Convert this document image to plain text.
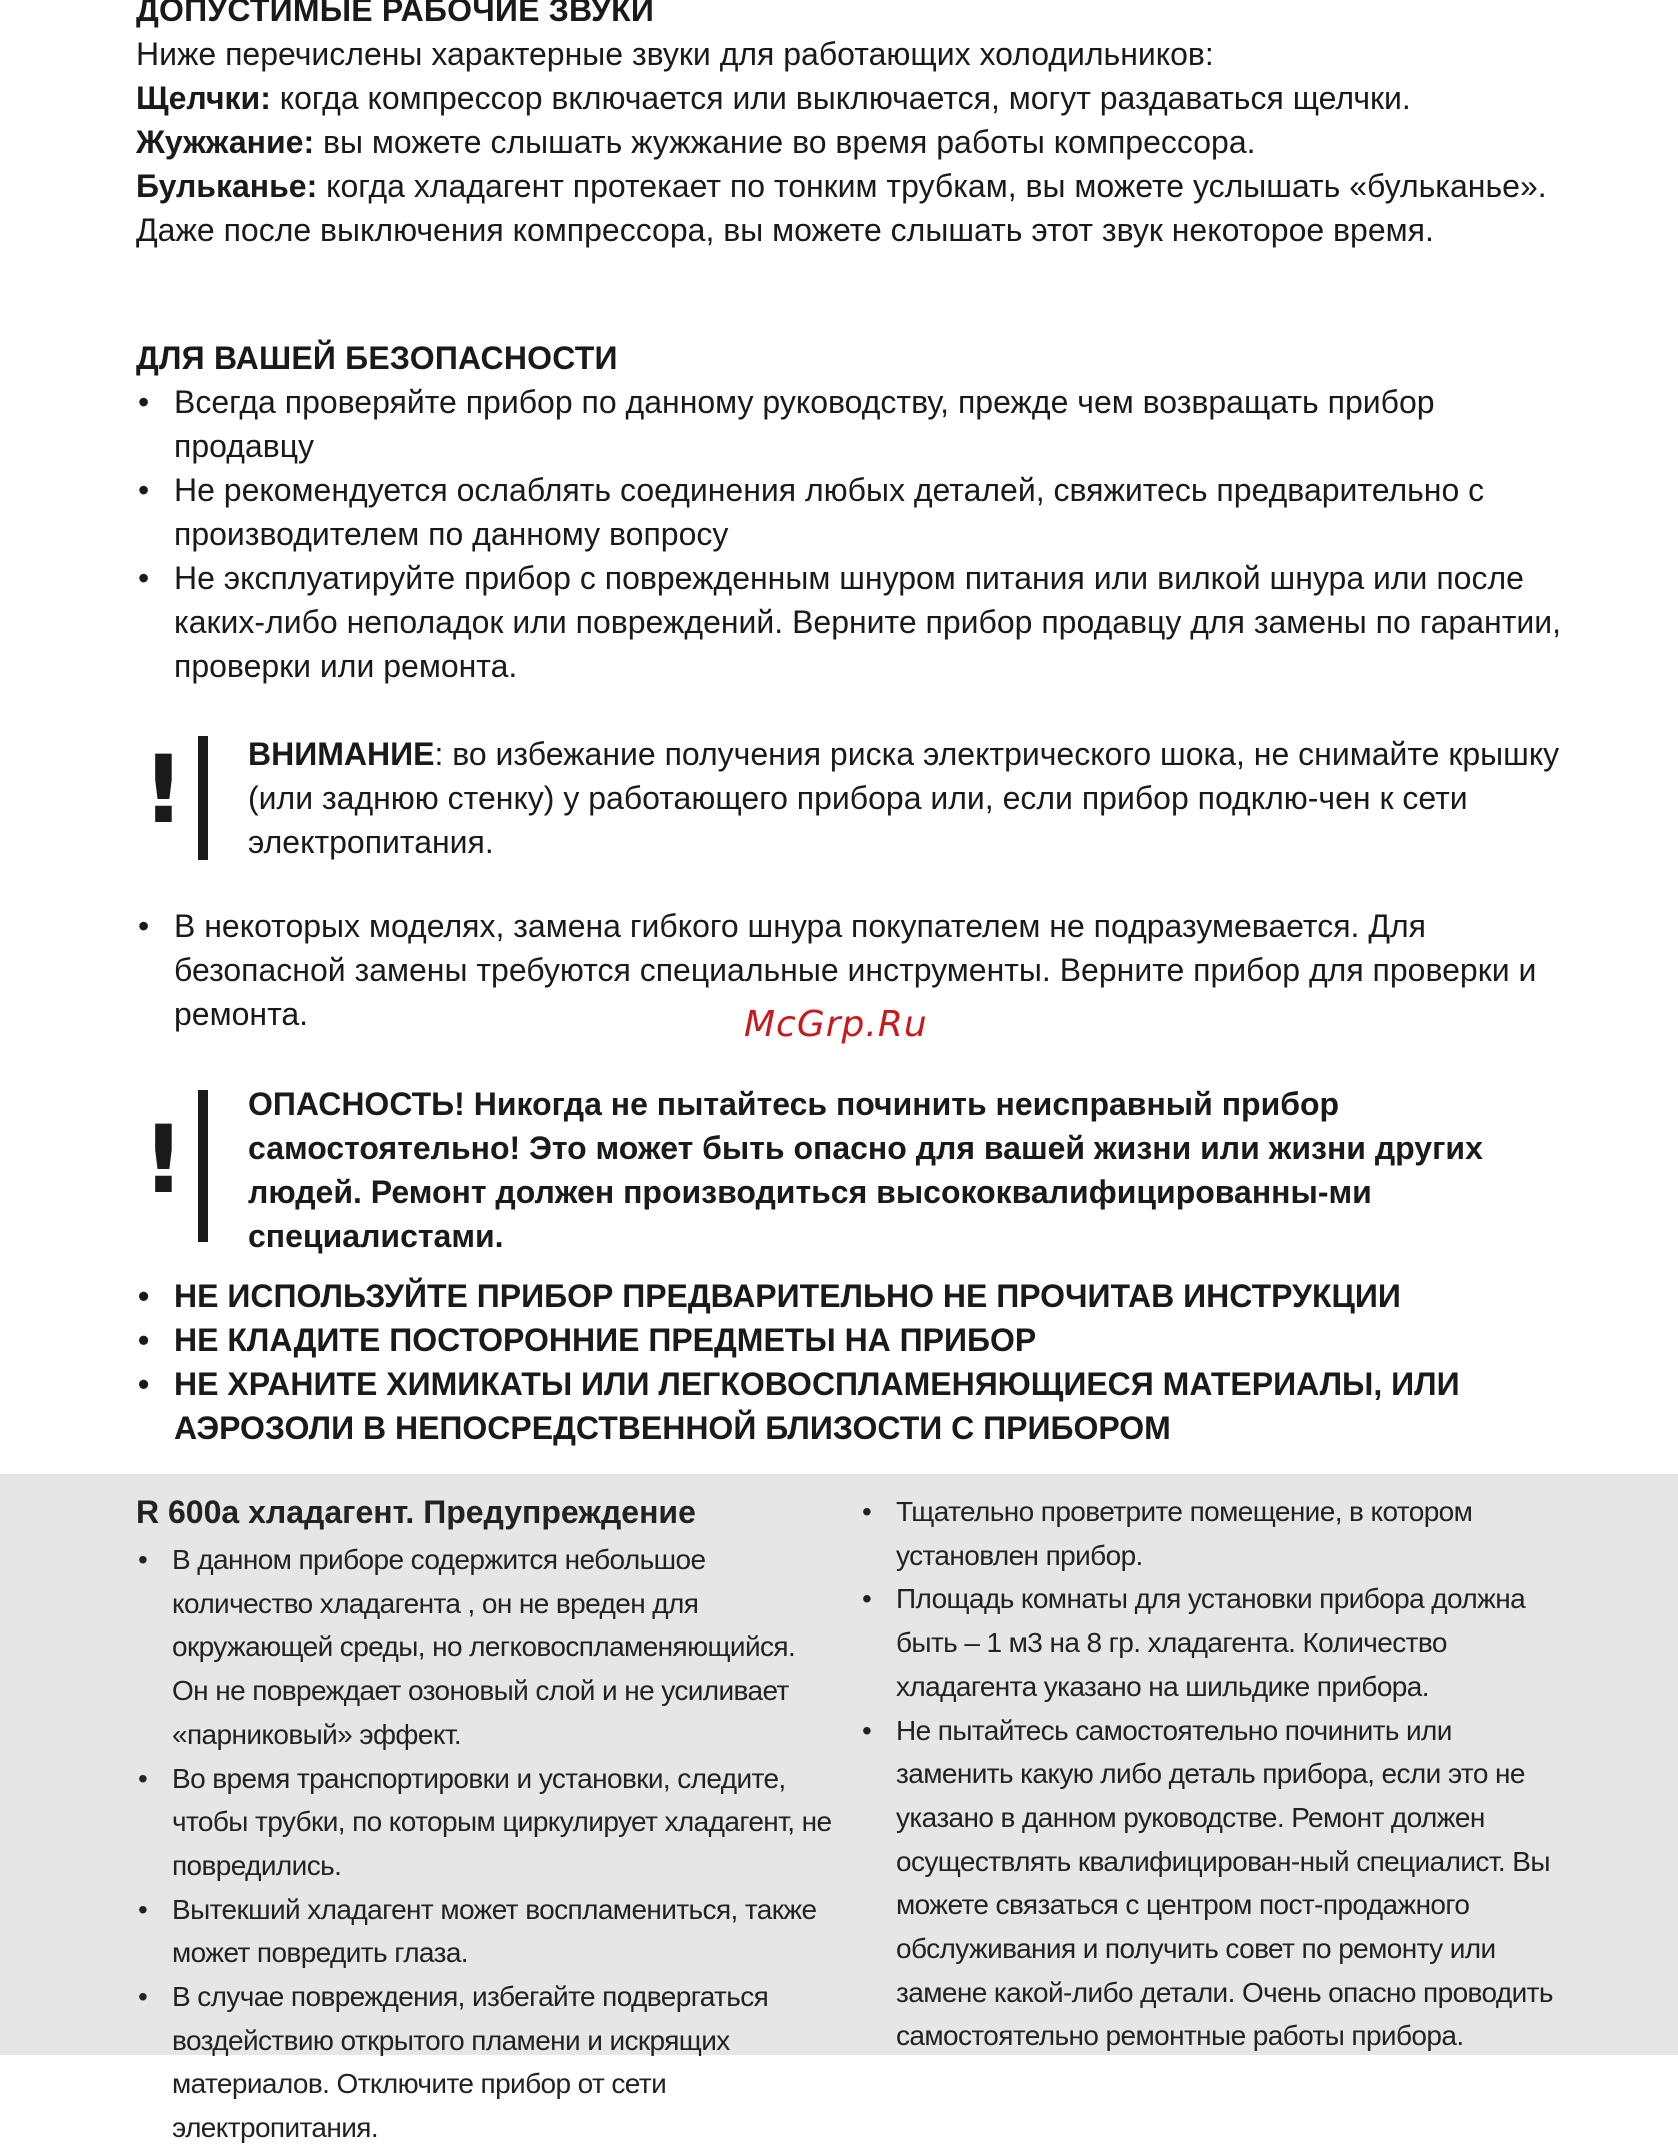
ДОПУСТИМЫЕ РАБОЧИЕ ЗВУКИ

Ниже перечислены характерные звуки для работающих холодильников:

Щелчки: когда компрессор включается или выключается, могут раздаваться щелчки.

Жужжание: вы можете слышать жужжание во время работы компрессора.

Бульканье: когда хладагент протекает по тонким трубкам, вы можете услышать «бульканье». Даже после выключения компрессора, вы можете слышать этот звук некоторое время.

ДЛЯ ВАШЕЙ БЕЗОПАСНОСТИ

• Всегда проверяйте прибор по данному руководству, прежде чем возвращать прибор продавцу
• Не рекомендуется ослаблять соединения любых деталей, свяжитесь предварительно с производителем по данному вопросу
• Не эксплуатируйте прибор с поврежденным шнуром питания или вилкой шнура или после каких-либо неполадок или повреждений. Верните прибор продавцу для замены по гарантии, проверки или ремонта.
! ВНИМАНИЕ: во избежание получения риска электрического шока, не снимайте крышку (или заднюю стенку) у работающего прибора или, если прибор подклю-чен к сети электропитания.

• В некоторых моделях, замена гибкого шнура покупателем не подразумевается. Для безопасной замены требуются специальные инструменты. Верните прибор для проверки и ремонта.
!

ОПАСНОСТЬ! Никогда не пытайтесь починить неисправный прибор самостоятельно! Это может быть опасно для вашей жизни или жизни других людей. Ремонт должен производиться высококвалифицированны-ми специалистами.

• НЕ ИСПОЛЬЗУЙТЕ ПРИБОР ПРЕДВАРИТЕЛЬНО НЕ ПРОЧИТАВ ИНСТРУКЦИИ
• НЕ КЛАДИТЕ ПОСТОРОННИЕ ПРЕДМЕТЫ НА ПРИБОР
• НЕ ХРАНИТЕ ХИМИКАТЫ ИЛИ ЛЕГКОВОСПЛАМЕНЯЮЩИЕСЯ МАТЕРИАЛЫ, ИЛИ АЭРОЗОЛИ В НЕПОСРЕДСТВЕННОЙ БЛИЗОСТИ С ПРИБОРОМ
McGrp.Ru

R 600a хладагент. Предупреждение

• В данном приборе содержится небольшое количество хладагента , он не вреден для окружающей среды, но легковоспламеняющийся. Он не повреждает озоновый слой и не усиливает «парниковый» эффект.
• Во время транспортировки и установки, следите, чтобы трубки, по которым циркулирует хладагент, не повредились.
• Вытекший хладагент может воспламениться, также может повредить глаза.
• В случае повреждения, избегайте подвергаться воздействию открытого пламени и искрящих материалов. Отключите прибор от сети электропитания.
• Тщательно проветрите помещение, в котором установлен прибор.
• Площадь комнаты для установки прибора должна быть – 1 м3 на 8 гр. хладагента. Количество хладагента указано на шильдике прибора.
• Не пытайтесь самостоятельно починить или заменить какую либо деталь прибора, если это не указано в данном руководстве. Ремонт должен осуществлять квалифицирован-ный специалист. Вы можете связаться с центром пост-продажного обслуживания и получить совет по ремонту или замене какой-либо детали. Очень опасно проводить самостоятельно ремонтные работы прибора.
